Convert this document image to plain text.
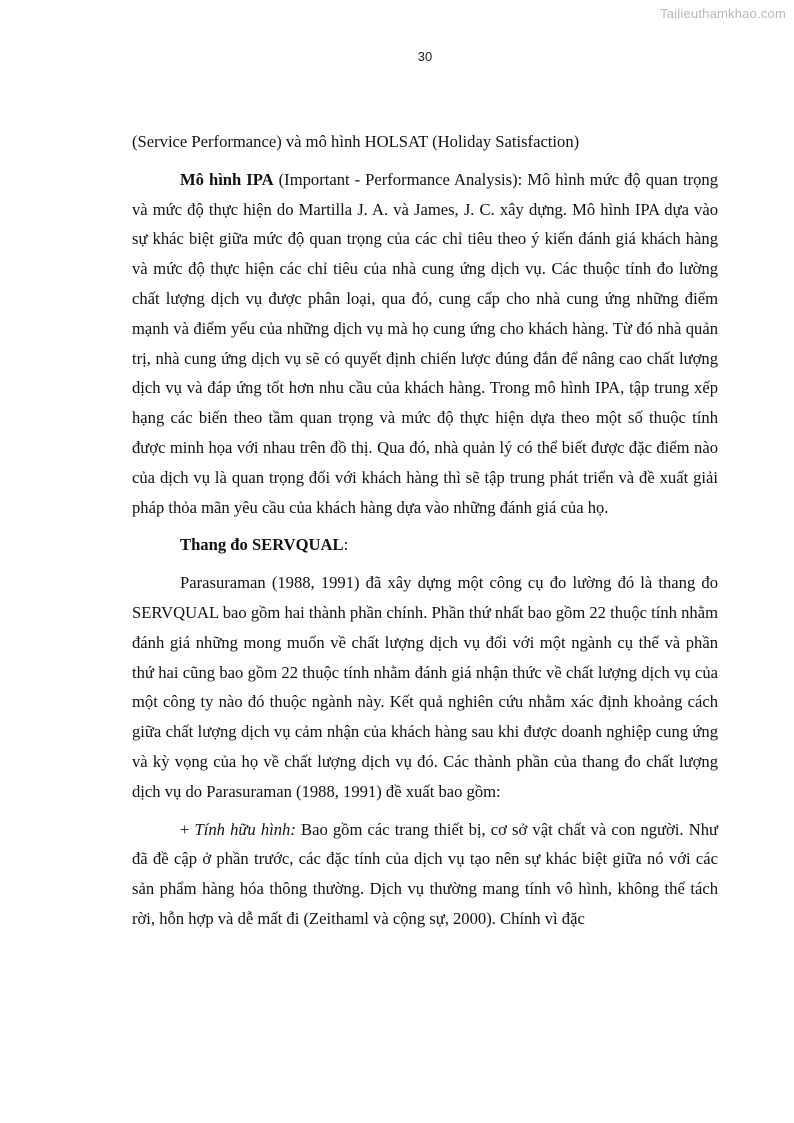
Tailieuthamkhao.com
30

(Service Performance) và mô hình HOLSAT (Holiday Satisfaction)

Mô hình IPA (Important - Performance Analysis): Mô hình mức độ quan trọng và mức độ thực hiện do Martilla J. A. và James, J. C. xây dựng. Mô hình IPA dựa vào sự khác biệt giữa mức độ quan trọng của các chỉ tiêu theo ý kiến đánh giá khách hàng và mức độ thực hiện các chỉ tiêu của nhà cung ứng dịch vụ. Các thuộc tính đo lường chất lượng dịch vụ được phân loại, qua đó, cung cấp cho nhà cung ứng những điểm mạnh và điểm yếu của những dịch vụ mà họ cung ứng cho khách hàng. Từ đó nhà quản trị, nhà cung ứng dịch vụ sẽ có quyết định chiến lược đúng đắn để nâng cao chất lượng dịch vụ và đáp ứng tốt hơn nhu cầu của khách hàng. Trong mô hình IPA, tập trung xếp hạng các biến theo tầm quan trọng và mức độ thực hiện dựa theo một số thuộc tính được minh họa với nhau trên đồ thị. Qua đó, nhà quản lý có thể biết được đặc điểm nào của dịch vụ là quan trọng đối với khách hàng thì sẽ tập trung phát triển và đề xuất giải pháp thỏa mãn yêu cầu của khách hàng dựa vào những đánh giá của họ.

Thang đo SERVQUAL:

Parasuraman (1988, 1991) đã xây dựng một công cụ đo lường đó là thang đo SERVQUAL bao gồm hai thành phần chính. Phần thứ nhất bao gồm 22 thuộc tính nhằm đánh giá những mong muốn về chất lượng dịch vụ đối với một ngành cụ thể và phần thứ hai cũng bao gồm 22 thuộc tính nhằm đánh giá nhận thức về chất lượng dịch vụ của một công ty nào đó thuộc ngành này. Kết quả nghiên cứu nhằm xác định khoảng cách giữa chất lượng dịch vụ cảm nhận của khách hàng sau khi được doanh nghiệp cung ứng và kỳ vọng của họ về chất lượng dịch vụ đó. Các thành phần của thang đo chất lượng dịch vụ do Parasuraman (1988, 1991) đề xuất bao gồm:

+ Tính hữu hình: Bao gồm các trang thiết bị, cơ sở vật chất và con người. Như đã đề cập ở phần trước, các đặc tính của dịch vụ tạo nên sự khác biệt giữa nó với các sản phẩm hàng hóa thông thường. Dịch vụ thường mang tính vô hình, không thể tách rời, hỗn hợp và dễ mất đi (Zeithaml và cộng sự, 2000). Chính vì đặc
